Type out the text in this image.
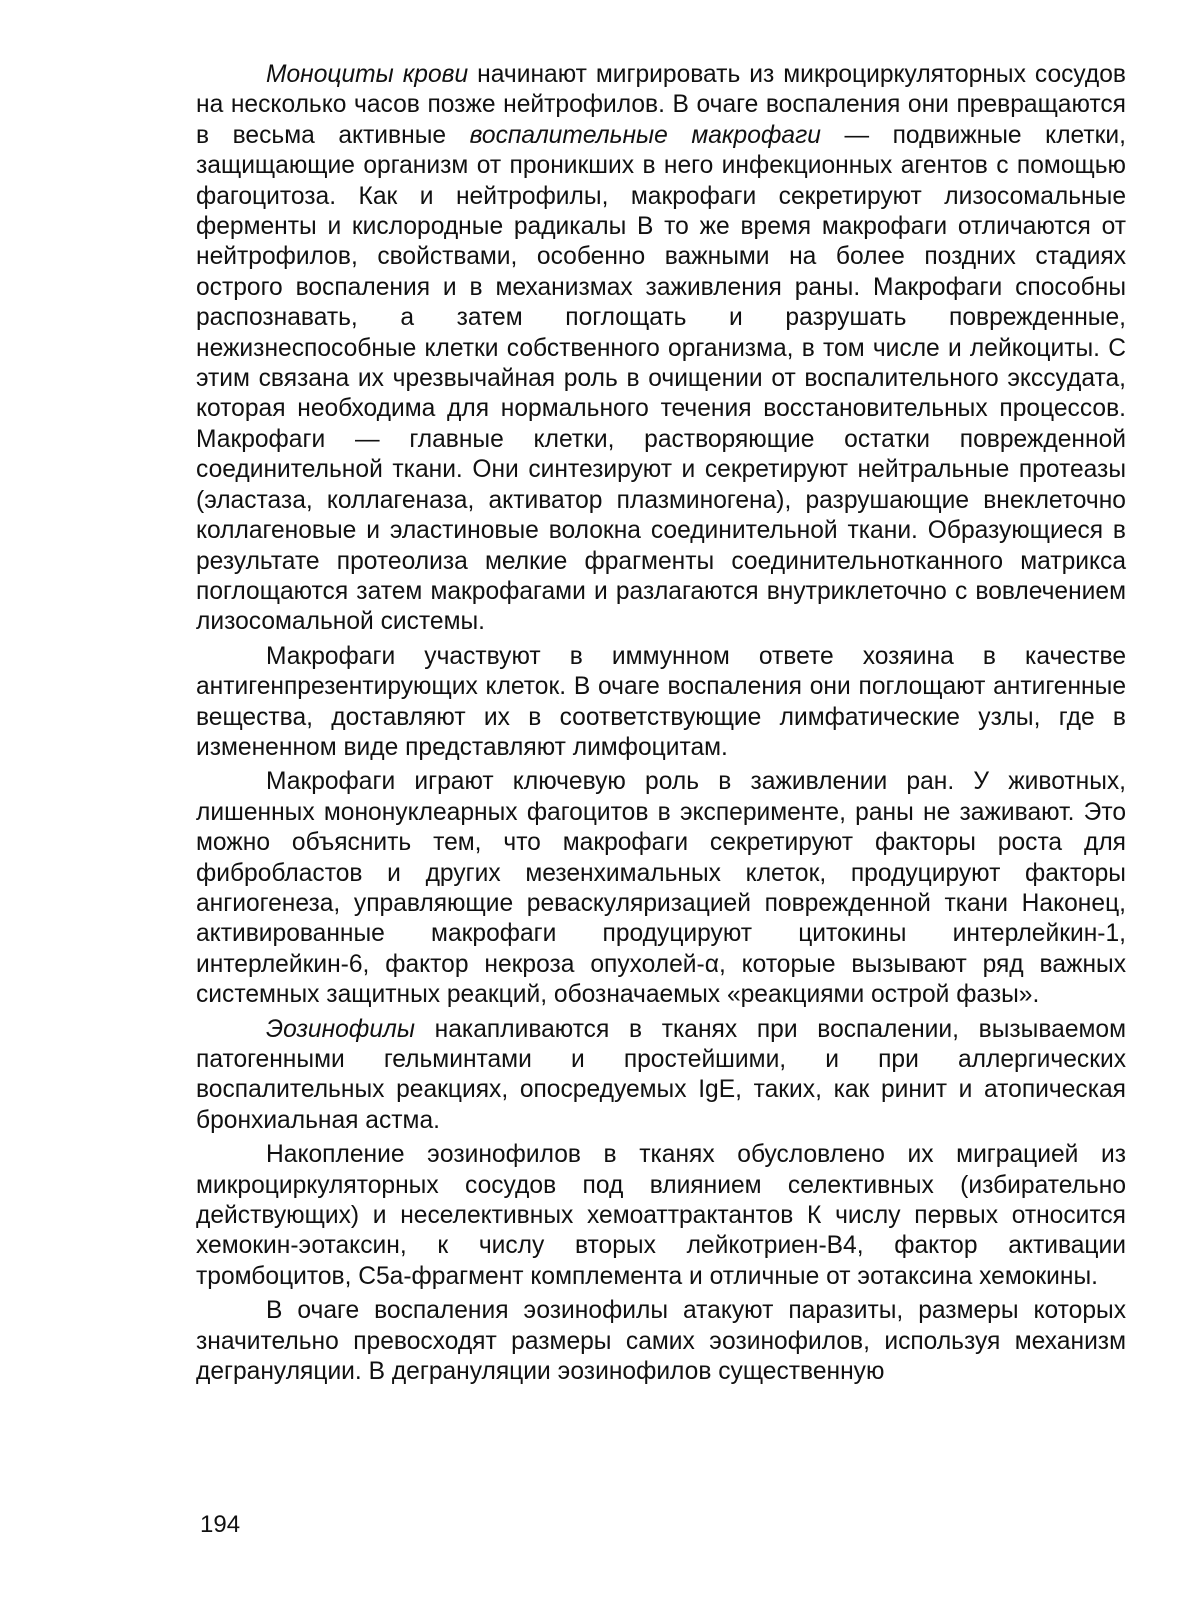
Моноциты крови начинают мигрировать из микроциркуляторных сосудов на несколько часов позже нейтрофилов. В очаге воспаления они превращаются в весьма активные воспалительные макрофаги — подвижные клетки, защищающие организм от проникших в него инфекционных агентов с помощью фагоцитоза. Как и нейтрофилы, макрофаги секретируют лизосомальные ферменты и кислородные радикалы В то же время макрофаги отличаются от нейтрофилов, свойствами, особенно важными на более поздних стадиях острого воспаления и в механизмах заживления раны. Макрофаги способны распознавать, а затем поглощать и разрушать поврежденные, нежизнеспособные клетки собственного организма, в том числе и лейкоциты. С этим связана их чрезвычайная роль в очищении от воспалительного экссудата, которая необходима для нормального течения восстановительных процессов. Макрофаги — главные клетки, растворяющие остатки поврежденной соединительной ткани. Они синтезируют и секретируют нейтральные протеазы (эластаза, коллагеназа, активатор плазминогена), разрушающие внеклеточно коллагеновые и эластиновые волокна соединительной ткани. Образующиеся в результате протеолиза мелкие фрагменты соединительнотканного матрикса поглощаются затем макрофагами и разлагаются внутриклеточно с вовлечением лизосомальной системы.

Макрофаги участвуют в иммунном ответе хозяина в качестве антигенпрезентирующих клеток. В очаге воспаления они поглощают антигенные вещества, доставляют их в соответствующие лимфатические узлы, где в измененном виде представляют лимфоцитам.

Макрофаги играют ключевую роль в заживлении ран. У животных, лишенных мононуклеарных фагоцитов в эксперименте, раны не заживают. Это можно объяснить тем, что макрофаги секретируют факторы роста для фибробластов и других мезенхимальных клеток, продуцируют факторы ангиогенеза, управляющие реваскуляризацией поврежденной ткани Наконец, активированные макрофаги продуцируют цитокины интерлейкин-1, интерлейкин-6, фактор некроза опухолей-α, которые вызывают ряд важных системных защитных реакций, обозначаемых «реакциями острой фазы».

Эозинофилы накапливаются в тканях при воспалении, вызываемом патогенными гельминтами и простейшими, и при аллергических воспалительных реакциях, опосредуемых IgE, таких, как ринит и атопическая бронхиальная астма.

Накопление эозинофилов в тканях обусловлено их миграцией из микроциркуляторных сосудов под влиянием селективных (избирательно действующих) и неселективных хемоаттрактантов К числу первых относится хемокин-эотаксин, к числу вторых лейкотриен-В4, фактор активации тромбоцитов, С5а-фрагмент комплемента и отличные от эотаксина хемокины.

В очаге воспаления эозинофилы атакуют паразиты, размеры которых значительно превосходят размеры самих эозинофилов, используя механизм дегрануляции. В дегрануляции эозинофилов существенную

194
